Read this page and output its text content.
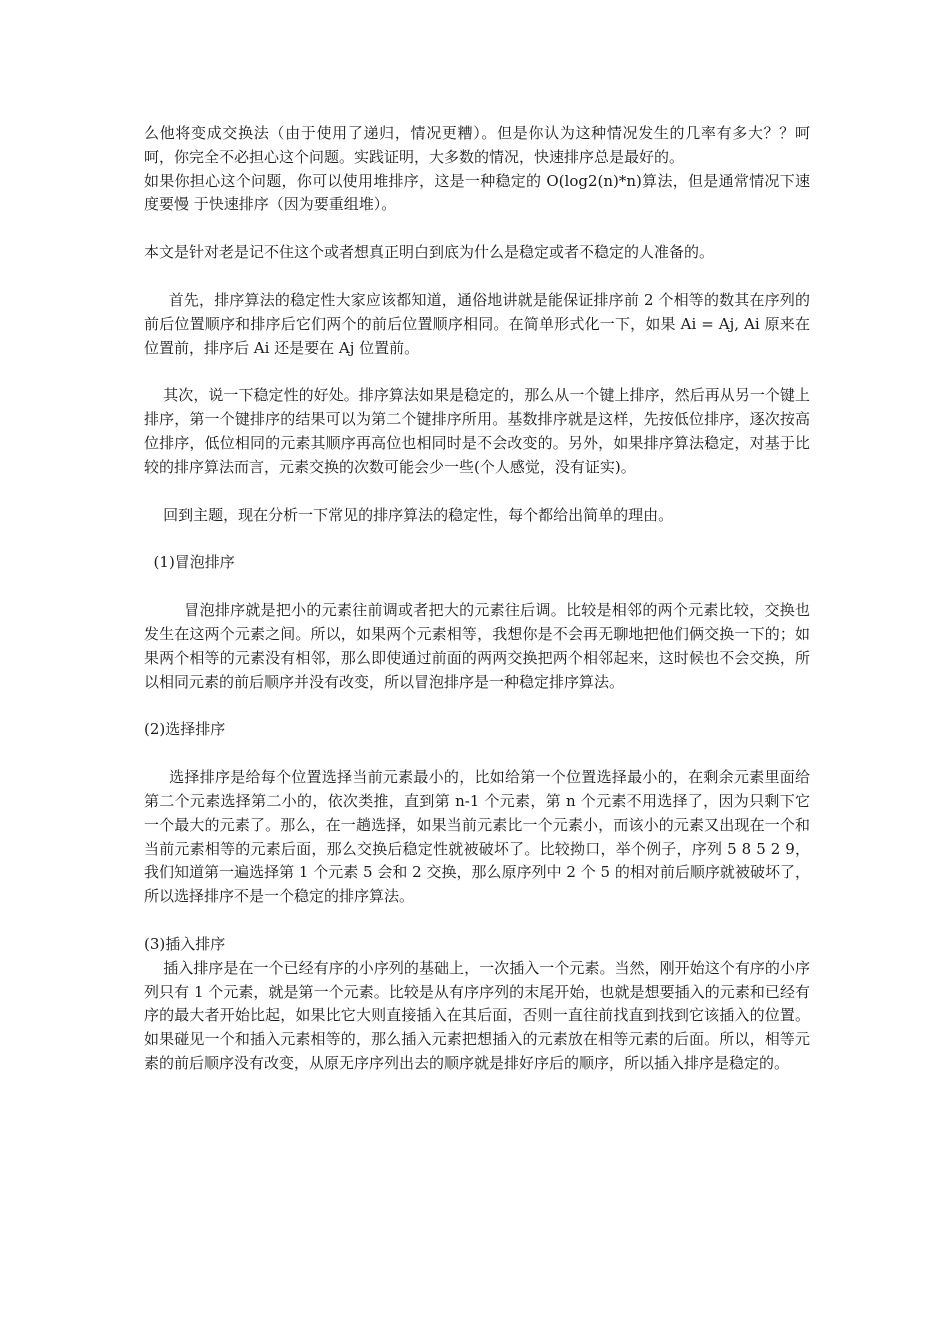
么他将变成交换法（由于使用了递归，情况更糟）。但是你认为这种情况发生的几率有多大？？呵呵，你完全不必担心这个问题。实践证明，大多数的情况，快速排序总是最好的。

如果你担心这个问题，你可以使用堆排序，这是一种稳定的 O(log2(n)*n)算法，但是通常情况下速度要慢 于快速排序（因为要重组堆）。

本文是针对老是记不住这个或者想真正明白到底为什么是稳定或者不稳定的人准备的。

首先，排序算法的稳定性大家应该都知道，通俗地讲就是能保证排序前 2 个相等的数其在序列的前后位置顺序和排序后它们两个的前后位置顺序相同。在简单形式化一下，如果 Ai = Aj, Ai 原来在位置前，排序后 Ai 还是要在 Aj 位置前。

其次，说一下稳定性的好处。排序算法如果是稳定的，那么从一个键上排序，然后再从另一个键上排序，第一个键排序的结果可以为第二个键排序所用。基数排序就是这样，先按低位排序，逐次按高位排序，低位相同的元素其顺序再高位也相同时是不会改变的。另外，如果排序算法稳定，对基于比较的排序算法而言，元素交换的次数可能会少一些(个人感觉，没有证实)。

回到主题，现在分析一下常见的排序算法的稳定性，每个都给出简单的理由。

(1)冒泡排序

冒泡排序就是把小的元素往前调或者把大的元素往后调。比较是相邻的两个元素比较，交换也发生在这两个元素之间。所以，如果两个元素相等，我想你是不会再无聊地把他们俩交换一下的；如果两个相等的元素没有相邻，那么即使通过前面的两两交换把两个相邻起来，这时候也不会交换，所以相同元素的前后顺序并没有改变，所以冒泡排序是一种稳定排序算法。

(2)选择排序

选择排序是给每个位置选择当前元素最小的，比如给第一个位置选择最小的，在剩余元素里面给第二个元素选择第二小的，依次类推，直到第 n-1 个元素，第 n 个元素不用选择了，因为只剩下它一个最大的元素了。那么，在一趟选择，如果当前元素比一个元素小，而该小的元素又出现在一个和当前元素相等的元素后面，那么交换后稳定性就被破坏了。比较拗口，举个例子，序列 5 8 5 2 9，我们知道第一遍选择第 1 个元素 5 会和 2 交换，那么原序列中 2 个 5 的相对前后顺序就被破坏了，所以选择排序不是一个稳定的排序算法。

(3)插入排序

插入排序是在一个已经有序的小序列的基础上，一次插入一个元素。当然，刚开始这个有序的小序列只有 1 个元素，就是第一个元素。比较是从有序序列的末尾开始，也就是想要插入的元素和已经有序的最大者开始比起，如果比它大则直接插入在其后面，否则一直往前找直到找到它该插入的位置。如果碰见一个和插入元素相等的，那么插入元素把想插入的元素放在相等元素的后面。所以，相等元素的前后顺序没有改变，从原无序序列出去的顺序就是排好序后的顺序，所以插入排序是稳定的。
